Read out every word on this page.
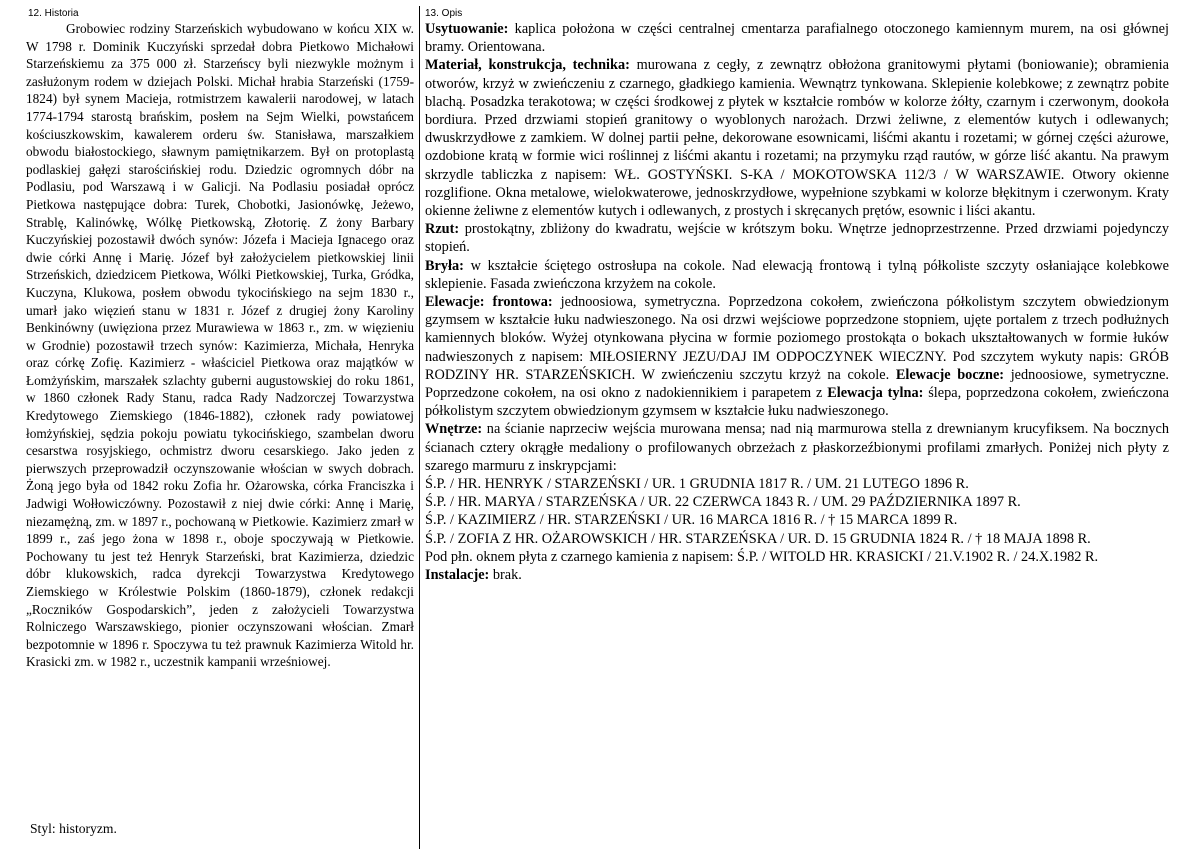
12. Historia

Grobowiec rodziny Starzeńskich wybudowano w końcu XIX w. W 1798 r. Dominik Kuczyński sprzedał dobra Pietkowo Michałowi Starzeńskiemu za 375 000 zł. Starzeńscy byli niezwykle możnym i zasłużonym rodem w dziejach Polski. Michał hrabia Starzeński (1759-1824) był synem Macieja, rotmistrzem kawalerii narodowej, w latach 1774-1794 starostą brańskim, posłem na Sejm Wielki, powstańcem kościuszkowskim, kawalerem orderu św. Stanisława, marszałkiem obwodu białostockiego, sławnym pamiętnikarzem. Był on protoplastą podlaskiej gałęzi starościńskiej rodu. Dziedzic ogromnych dóbr na Podlasiu, pod Warszawą i w Galicji. Na Podlasiu posiadał oprócz Pietkowa następujące dobra: Turek, Chobotki, Jasionówkę, Jeżewo, Strablę, Kalinówkę, Wólkę Pietkowską, Złotorię. Z żony Barbary Kuczyńskiej pozostawił dwóch synów: Józefa i Macieja Ignacego oraz dwie córki Annę i Marię. Józef był założycielem pietkowskiej linii Strzeńskich, dziedzicem Pietkowa, Wólki Pietkowskiej, Turka, Gródka, Kuczyna, Klukowa, posłem obwodu tykocińskiego na sejm 1830 r., umarł jako więzień stanu w 1831 r. Józef z drugiej żony Karoliny Benkinówny (uwięziona przez Murawiewa w 1863 r., zm. w więzieniu w Grodnie) pozostawił trzech synów: Kazimierza, Michała, Henryka oraz córkę Zofię. Kazimierz - właściciel Pietkowa oraz majątków w Łomżyńskim, marszałek szlachty guberni augustowskiej do roku 1861, w 1860 członek Rady Stanu, radca Rady Nadzorczej Towarzystwa Kredytowego Ziemskiego (1846-1882), członek rady powiatowej łomżyńskiej, sędzia pokoju powiatu tykocińskiego, szambelan dworu cesarstwa rosyjskiego, ochmistrz dworu cesarskiego. Jako jeden z pierwszych przeprowadził oczynszowanie włościan w swych dobrach. Żoną jego była od 1842 roku Zofia hr. Ożarowska, córka Franciszka i Jadwigi Wołłowiczówny. Pozostawił z niej dwie córki: Annę i Marię, niezamężną, zm. w 1897 r., pochowaną w Pietkowie. Kazimierz zmarł w 1899 r., zaś jego żona w 1898 r., oboje spoczywają w Pietkowie. Pochowany tu jest też Henryk Starzeński, brat Kazimierza, dziedzic dóbr klukowskich, radca dyrekcji Towarzystwa Kredytowego Ziemskiego w Królestwie Polskim (1860-1879), członek redakcji „Roczników Gospodarskich”, jeden z założycieli Towarzystwa Rolniczego Warszawskiego, pionier oczynszowani włościan. Zmarł bezpotomnie w 1896 r. Spoczywa tu też prawnuk Kazimierza Witold hr. Krasicki zm. w 1982 r., uczestnik kampanii wrześniowej.

Styl: historyzm.
13. Opis

Usytuowanie: kaplica położona w części centralnej cmentarza parafialnego otoczonego kamiennym murem, na osi głównej bramy. Orientowana.

Materiał, konstrukcja, technika: murowana z cegły, z zewnątrz obłożona granitowymi płytami (boniowanie); obramienia otworów, krzyż w zwieńczeniu z czarnego, gładkiego kamienia. Wewnątrz tynkowana. Sklepienie kolebkowe; z zewnątrz pobite blachą. Posadzka terakotowa; w części środkowej z płytek w kształcie rombów w kolorze żółty, czarnym i czerwonym, dookoła bordiura. Przed drzwiami stopień granitowy o wyoblonych narożach. Drzwi żeliwne, z elementów kutych i odlewanych; dwuskrzydłowe z zamkiem. W dolnej partii pełne, dekorowane esownicami, liśćmi akantu i rozetami; w górnej części ażurowe, ozdobione kratą w formie wici roślinnej z liśćmi akantu i rozetami; na przymyku rząd rautów, w górze liść akantu. Na prawym skrzydle tabliczka z napisem: WŁ. GOSTYŃSKI. S-KA / MOKOTOWSKA 112/3 / W WARSZAWIE. Otwory okienne rozglifione. Okna metalowe, wielokwaterowe, jednoskrzydłowe, wypełnione szybkami w kolorze błękitnym i czerwonym. Kraty okienne żeliwne z elementów kutych i odlewanych, z prostych i skręcanych prętów, esownic i liści akantu.

Rzut: prostokątny, zbliżony do kwadratu, wejście w krótszym boku. Wnętrze jednoprzestrzenne. Przed drzwiami pojedynczy stopień.

Bryła: w kształcie ściętego ostrosłupa na cokole. Nad elewacją frontową i tylną półkoliste szczyty osłaniające kolebkowe sklepienie. Fasada zwieńczona krzyżem na cokole.

Elewacje: frontowa: jednoosiowa, symetryczna. Poprzedzona cokołem, zwieńczona półkolistym szczytem obwiedzionym gzymsem w kształcie łuku nadwieszonego. Na osi drzwi wejściowe poprzedzone stopniem, ujęte portalem z trzech podłużnych kamiennych bloków. Wyżej otynkowana płycina w formie poziomego prostokąta o bokach ukształtowanych w formie łuków nadwieszonych z napisem: MIŁOSIERNY JEZU/DAJ IM ODPOCZYNEK WIECZNY. Pod szczytem wykuty napis: GRÓB RODZINY HR. STARZEŃSKICH. W zwieńczeniu szczytu krzyż na cokole. Elewacje boczne: jednoosiowe, symetryczne. Poprzedzone cokołem, na osi okno z nadokiennikiem i parapetem z Elewacja tylna: ślepa, poprzedzona cokołem, zwieńczona półkolistym szczytem obwiedzionym gzymsem w kształcie łuku nadwieszonego.

Wnętrze: na ścianie naprzeciw wejścia murowana mensa; nad nią marmurowa stella z drewnianym krucyfiksem. Na bocznych ścianach cztery okrągłe medaliony o profilowanych obrzeżach z płaskorzeźbionymi profilami zmarłych. Poniżej nich płyty z szarego marmuru z inskrypcjami:

Ś.P. / HR. HENRYK / STARZEŃSKI / UR. 1 GRUDNIA 1817 R. / UM. 21 LUTEGO 1896 R.

Ś.P. / HR. MARYA / STARZEŃSKA / UR. 22 CZERWCA 1843 R. / UM. 29 PAŹDZIERNIKA 1897 R.

Ś.P. / KAZIMIERZ / HR. STARZEŃSKI / UR. 16 MARCA 1816 R. / † 15 MARCA 1899 R.

Ś.P. / ZOFIA Z HR. OŻAROWSKICH / HR. STARZEŃSKA / UR. D. 15 GRUDNIA 1824 R. / † 18 MAJA 1898 R.

Pod płn. oknem płyta z czarnego kamienia z napisem: Ś.P. / WITOLD HR. KRASICKI / 21.V.1902 R. / 24.X.1982 R.

Instalacje: brak.
